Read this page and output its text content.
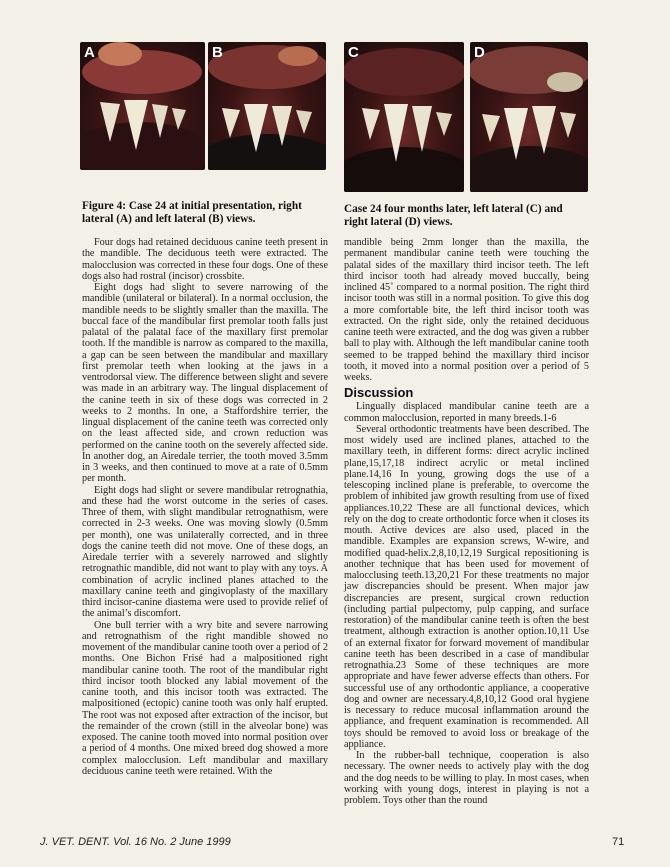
A	B	C	D
Figure 4: Case 24 at initial presentation, right lateral (A) and left lateral (B) views.
Case 24 four months later, left lateral (C) and right lateral (D) views.

Four dogs had retained deciduous canine teeth present in the mandible. The deciduous teeth were extracted. The malocclusion was corrected in these four dogs. One of these dogs also had rostral (incisor) crossbite.

Eight dogs had slight to severe narrowing of the mandible (unilateral or bilateral). In a normal occlusion, the mandible needs to be slightly smaller than the maxilla. The buccal face of the mandibular first premolar tooth falls just palatal of the palatal face of the maxillary first premolar tooth. If the mandible is narrow as compared to the maxilla, a gap can be seen between the mandibular and maxillary first premolar teeth when looking at the jaws in a ventrodorsal view. The difference between slight and severe was made in an arbitrary way. The lingual displacement of the canine teeth in six of these dogs was corrected in 2 weeks to 2 months. In one, a Staffordshire terrier, the lingual displacement of the canine teeth was corrected only on the least affected side, and crown reduction was performed on the canine tooth on the severely affected side. In another dog, an Airedale terrier, the tooth moved 3.5mm in 3 weeks, and then continued to move at a rate of 0.5mm per month.

Eight dogs had slight or severe mandibular retrognathia, and these had the worst outcome in the series of cases. Three of them, with slight mandibular retrognathism, were corrected in 2-3 weeks. One was moving slowly (0.5mm per month), one was unilaterally corrected, and in three dogs the canine teeth did not move. One of these dogs, an Airedale terrier with a severely narrowed and slightly retrognathic mandible, did not want to play with any toys. A combination of acrylic inclined planes attached to the maxillary canine teeth and gingivoplasty of the maxillary third incisor-canine diastema were used to provide relief of the animal’s discomfort.

One bull terrier with a wry bite and severe narrowing and retrognathism of the right mandible showed no movement of the mandibular canine tooth over a period of 2 months. One Bichon Frisé had a malpositioned right mandibular canine tooth. The root of the mandibular right third incisor tooth blocked any labial movement of the canine tooth, and this incisor tooth was extracted. The malpositioned (ectopic) canine tooth was only half erupted. The root was not exposed after extraction of the incisor, but the remainder of the crown (still in the alveolar bone) was exposed. The canine tooth moved into normal position over a period of 4 months. One mixed breed dog showed a more complex malocclusion. Left mandibular and maxillary deciduous canine teeth were retained. With the

mandible being 2mm longer than the maxilla, the permanent mandibular canine teeth were touching the palatal sides of the maxillary third incisor teeth. The left third incisor tooth had already moved buccally, being inclined 45˚ compared to a normal position. The right third incisor tooth was still in a normal position. To give this dog a more comfortable bite, the left third incisor tooth was extracted. On the right side, only the retained deciduous canine teeth were extracted, and the dog was given a rubber ball to play with. Although the left mandibular canine tooth seemed to be trapped behind the maxillary third incisor tooth, it moved into a normal position over a period of 5 weeks.

Discussion

Lingually displaced mandibular canine teeth are a common malocclusion, reported in many breeds.1-6

Several orthodontic treatments have been described. The most widely used are inclined planes, attached to the maxillary teeth, in different forms: direct acrylic inclined plane,15,17,18 indirect acrylic or metal inclined plane.14,16 In young, growing dogs the use of a telescoping inclined plane is preferable, to overcome the problem of inhibited jaw growth resulting from use of fixed appliances.10,22 These are all functional devices, which rely on the dog to create orthodontic force when it closes its mouth. Active devices are also used, placed in the mandible. Examples are expansion screws, W-wire, and modified quad-helix.2,8,10,12,19 Surgical repositioning is another technique that has been used for movement of malocclusing teeth.13,20,21 For these treatments no major jaw discrepancies should be present. When major jaw discrepancies are present, surgical crown reduction (including partial pulpectomy, pulp capping, and surface restoration) of the mandibular canine teeth is often the best treatment, although extraction is another option.10,11 Use of an external fixator for forward movement of mandibular canine teeth has been described in a case of mandibular retrognathia.23 Some of these techniques are more appropriate and have fewer adverse effects than others. For successful use of any orthodontic appliance, a cooperative dog and owner are necessary.4,8,10,12 Good oral hygiene is necessary to reduce mucosal inflammation around the appliance, and frequent examination is recommended. All toys should be removed to avoid loss or breakage of the appliance.

In the rubber-ball technique, cooperation is also necessary. The owner needs to actively play with the dog and the dog needs to be willing to play. In most cases, when working with young dogs, interest in playing is not a problem. Toys other than the round

J. VET. DENT. Vol. 16 No. 2 June 1999	71
